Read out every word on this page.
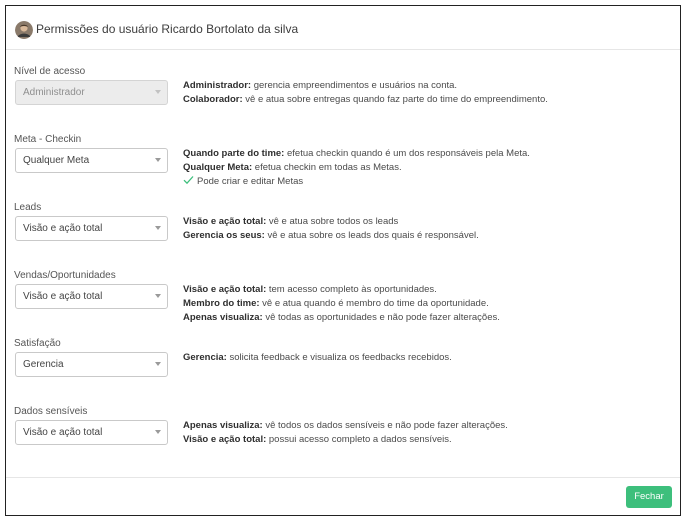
Permissões do usuário Ricardo Bortolato da silva
Nível de acesso
Administrador
Administrador: gerencia empreendimentos e usuários na conta.
Colaborador: vê e atua sobre entregas quando faz parte do time do empreendimento.
Meta - Checkin
Qualquer Meta
Quando parte do time: efetua checkin quando é um dos responsáveis pela Meta.
Qualquer Meta: efetua checkin em todas as Metas.
Pode criar e editar Metas
Leads
Visão e ação total
Visão e ação total: vê e atua sobre todos os leads
Gerencia os seus: vê e atua sobre os leads dos quais é responsável.
Vendas/Oportunidades
Visão e ação total
Visão e ação total: tem acesso completo às oportunidades.
Membro do time: vê e atua quando é membro do time da oportunidade.
Apenas visualiza: vê todas as oportunidades e não pode fazer alterações.
Satisfação
Gerencia
Gerencia: solicita feedback e visualiza os feedbacks recebidos.
Dados sensíveis
Visão e ação total
Apenas visualiza: vê todos os dados sensíveis e não pode fazer alterações.
Visão e ação total: possui acesso completo a dados sensíveis.
Fechar
